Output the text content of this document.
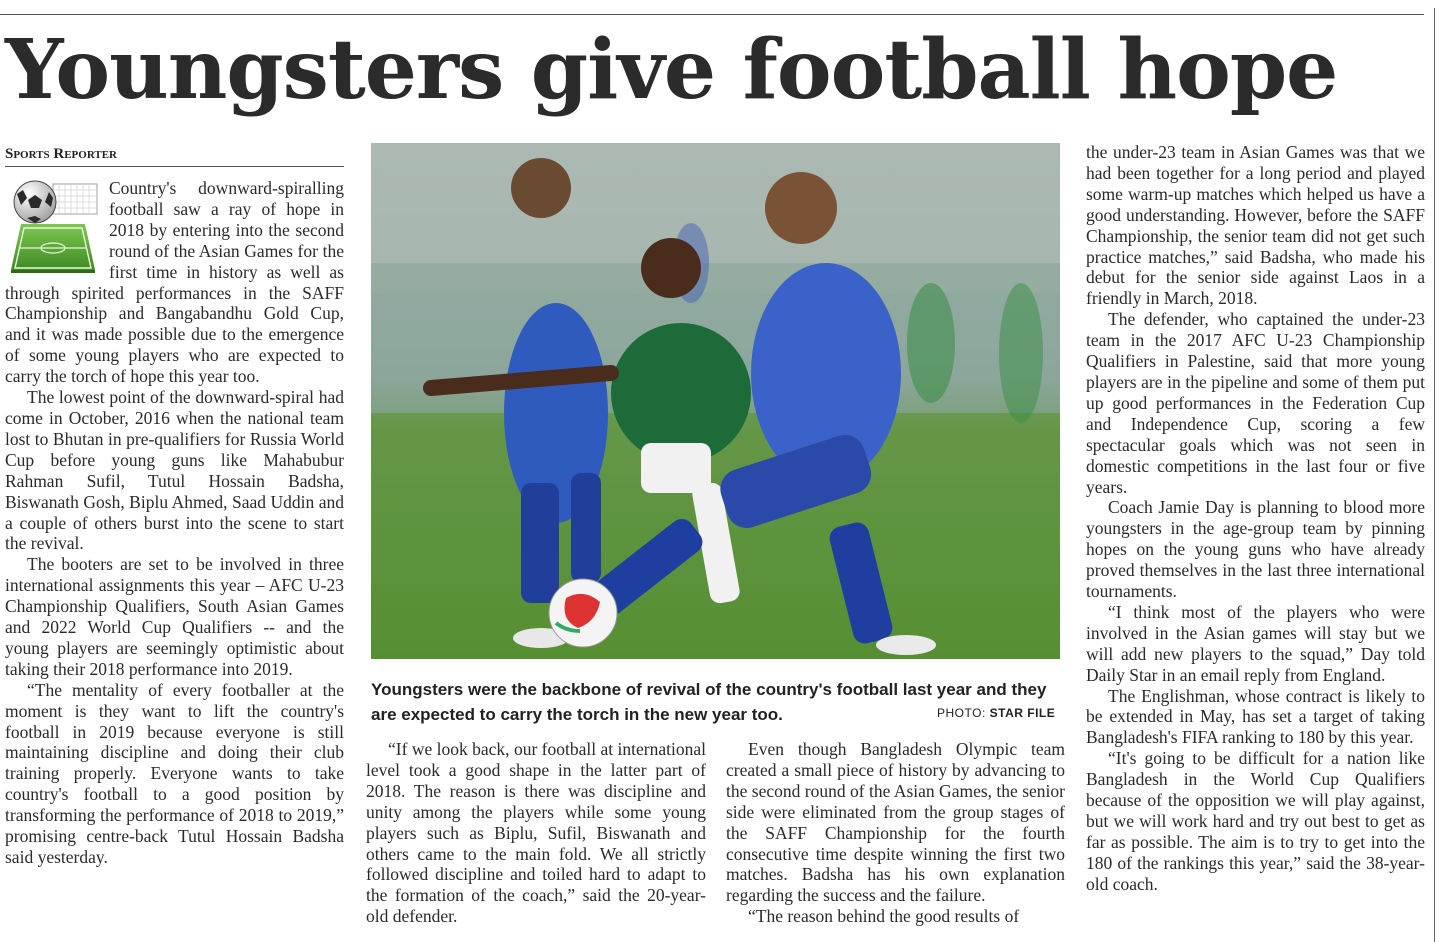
Youngsters give football hope
Sports Reporter

Country's downward-spiralling football saw a ray of hope in 2018 by entering into the second round of the Asian Games for the first time in history as well as through spirited performances in the SAFF Championship and Bangabandhu Gold Cup, and it was made possible due to the emergence of some young players who are expected to carry the torch of hope this year too.

The lowest point of the downward-spiral had come in October, 2016 when the national team lost to Bhutan in pre-qualifiers for Russia World Cup before young guns like Mahabubur Rahman Sufil, Tutul Hossain Badsha, Biswanath Gosh, Biplu Ahmed, Saad Uddin and a couple of others burst into the scene to start the revival.

The booters are set to be involved in three international assignments this year – AFC U-23 Championship Qualifiers, South Asian Games and 2022 World Cup Qualifiers -- and the young players are seemingly optimistic about taking their 2018 performance into 2019.

“The mentality of every footballer at the moment is they want to lift the country's football in 2019 because everyone is still maintaining discipline and doing their club training properly. Everyone wants to take country's football to a good position by transforming the performance of 2018 to 2019,” promising centre-back Tutul Hossain Badsha said yesterday.

Youngsters were the backbone of revival of the country's football last year and they are expected to carry the torch in the new year too.	PHOTO: STAR FILE

“If we look back, our football at international level took a good shape in the latter part of 2018. The reason is there was discipline and unity among the players while some young players such as Biplu, Sufil, Biswanath and others came to the main fold. We all strictly followed discipline and toiled hard to adapt to the formation of the coach,” said the 20-year-old defender.

Even though Bangladesh Olympic team created a small piece of history by advancing to the second round of the Asian Games, the senior side were eliminated from the group stages of the SAFF Championship for the fourth consecutive time despite winning the first two matches. Badsha has his own explanation regarding the success and the failure.

“The reason behind the good results of

the under-23 team in Asian Games was that we had been together for a long period and played some warm-up matches which helped us have a good understanding. However, before the SAFF Championship, the senior team did not get such practice matches,” said Badsha, who made his debut for the senior side against Laos in a friendly in March, 2018.

The defender, who captained the under-23 team in the 2017 AFC U-23 Championship Qualifiers in Palestine, said that more young players are in the pipeline and some of them put up good performances in the Federation Cup and Independence Cup, scoring a few spectacular goals which was not seen in domestic competitions in the last four or five years.

Coach Jamie Day is planning to blood more youngsters in the age-group team by pinning hopes on the young guns who have already proved themselves in the last three international tournaments.

“I think most of the players who were involved in the Asian games will stay but we will add new players to the squad,” Day told Daily Star in an email reply from England.

The Englishman, whose contract is likely to be extended in May, has set a target of taking Bangladesh's FIFA ranking to 180 by this year.

“It's going to be difficult for a nation like Bangladesh in the World Cup Qualifiers because of the opposition we will play against, but we will work hard and try out best to get as far as possible. The aim is to try to get into the 180 of the rankings this year,” said the 38-year-old coach.
